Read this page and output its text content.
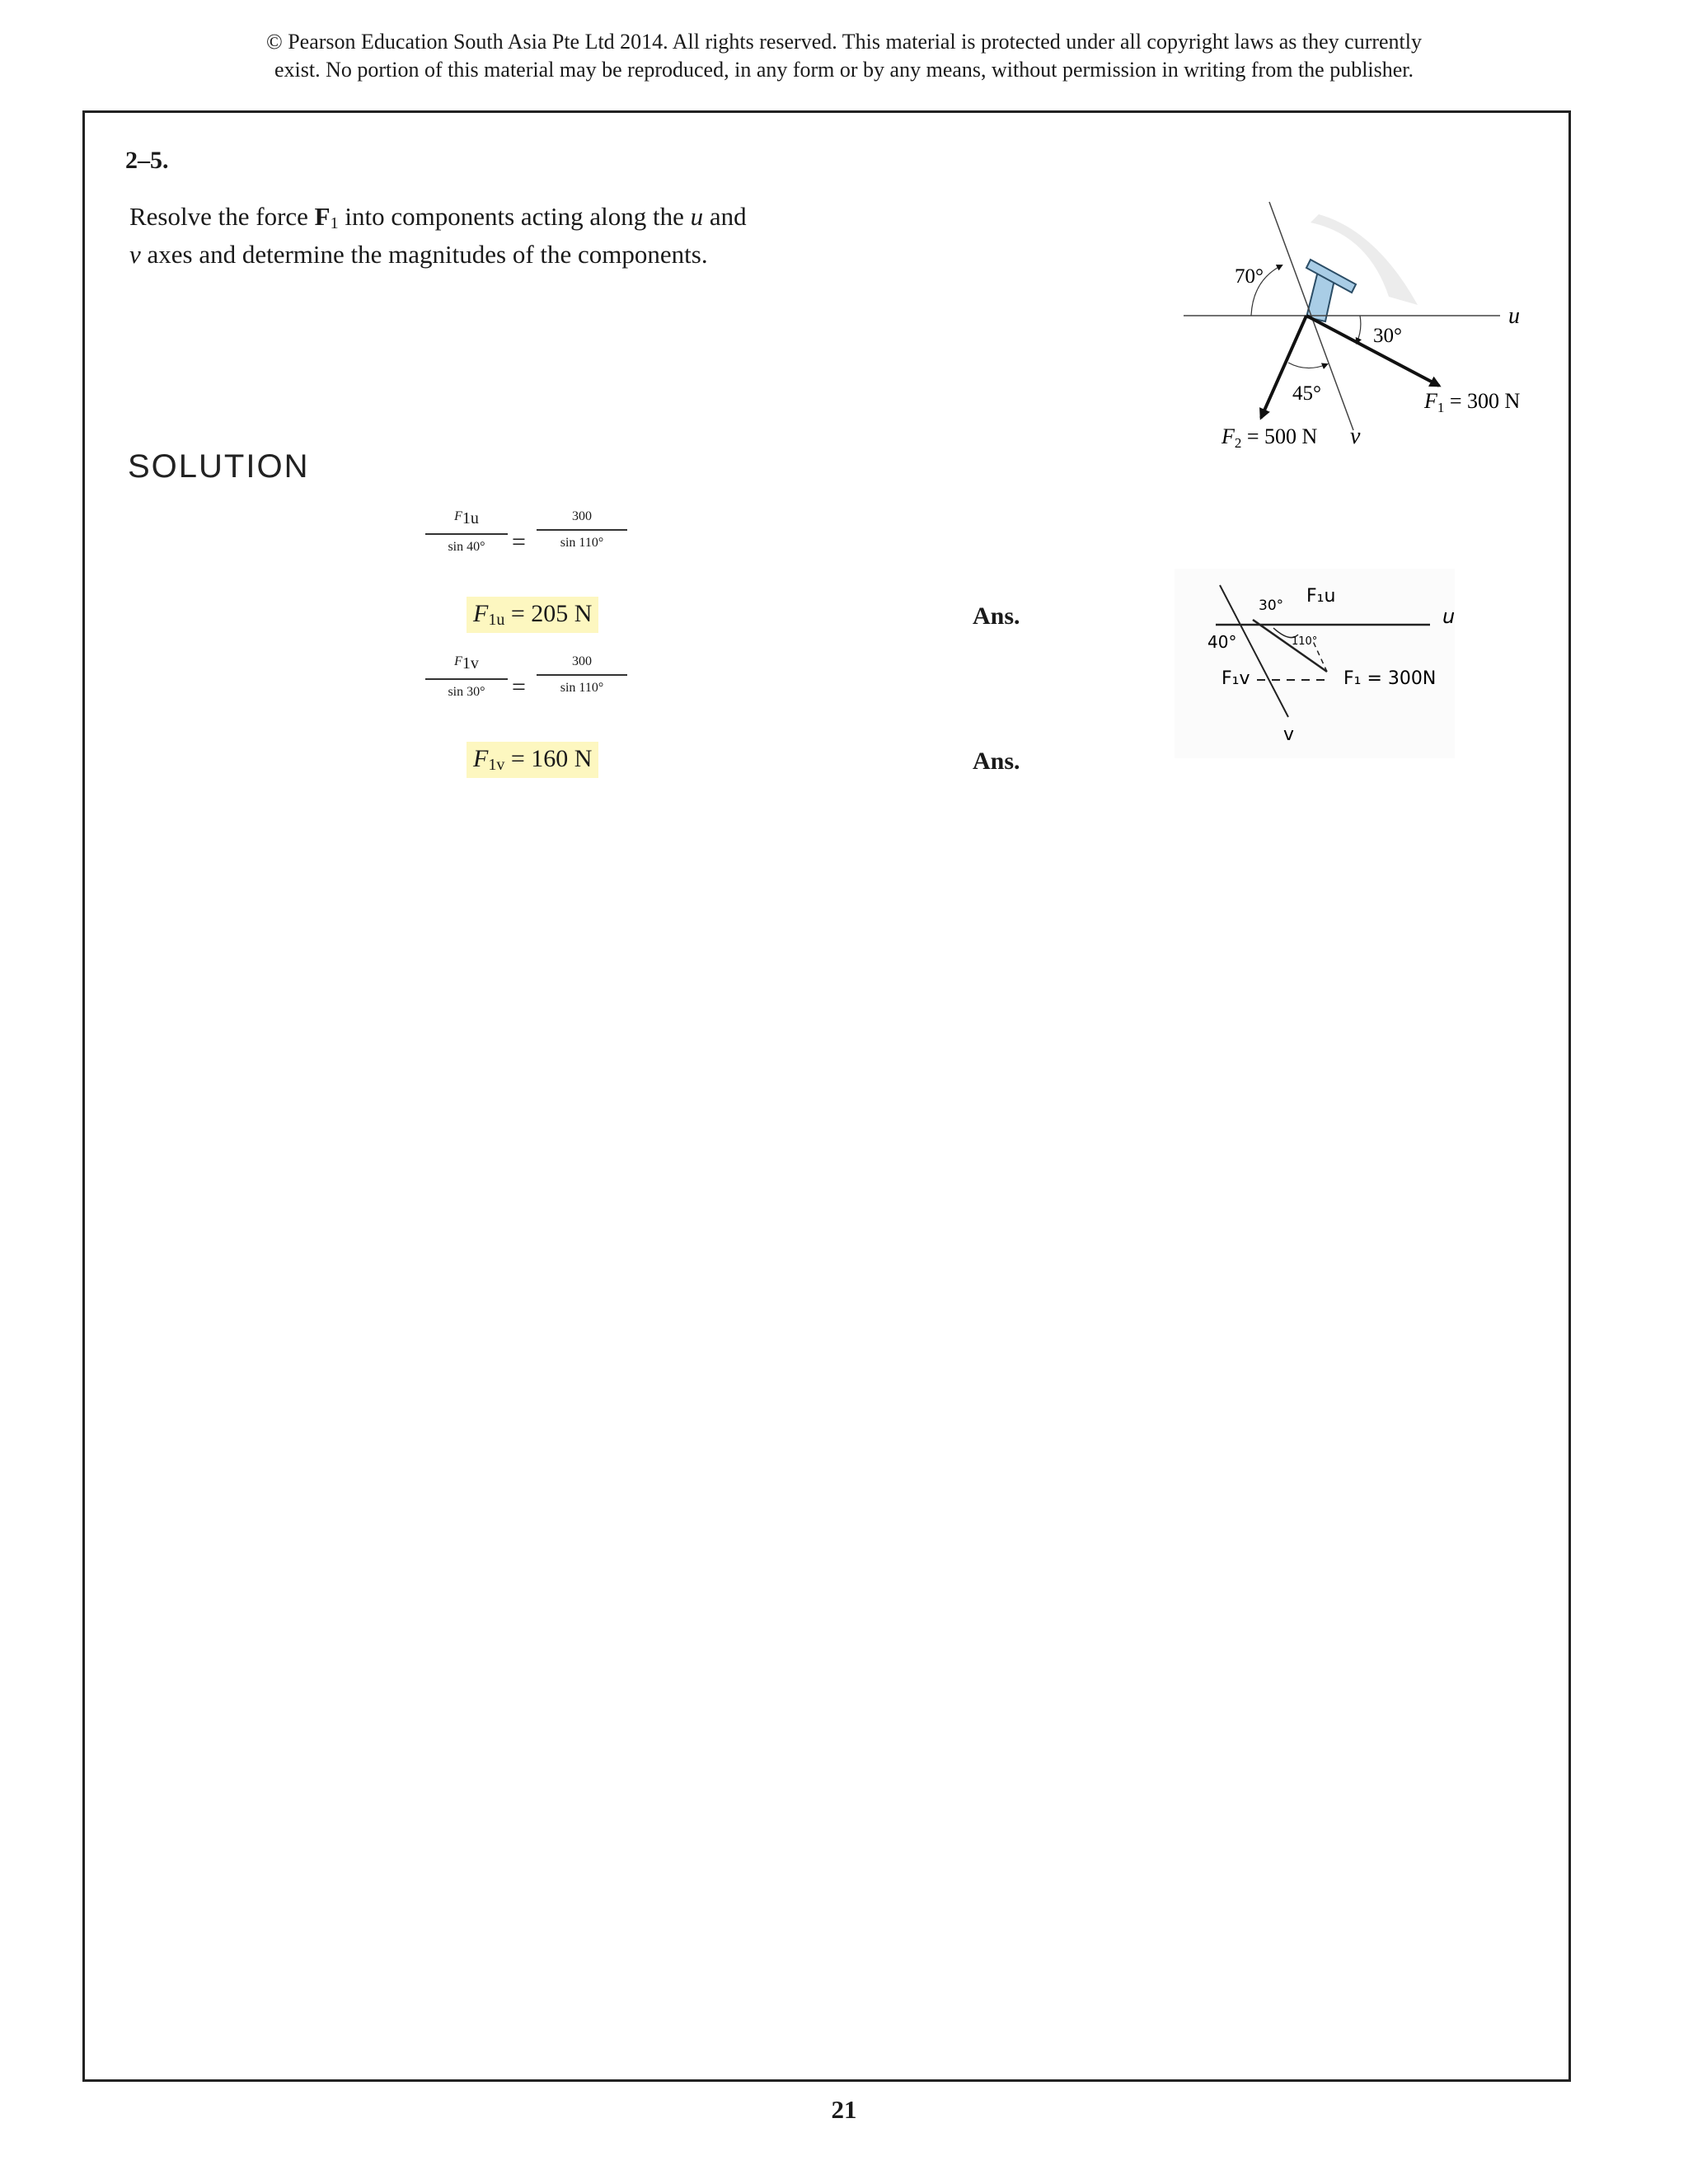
© Pearson Education South Asia Pte Ltd 2014. All rights reserved. This material is protected under all copyright laws as they currently
exist. No portion of this material may be reproduced, in any form or by any means, without permission in writing from the publisher.
2–5.
Resolve the force $F_1$ into components acting along the u and
v axes and determine the magnitudes of the components.
70°
30°
45°
u
F1 = 300 N
F2 = 500 N v
SOLUTION
$\frac{F_{1u}}{\sin 40^\circ} = \frac{300}{\sin 110^\circ}$
$F_{1u} = 205$ N	Ans.
$\frac{F_{1v}}{\sin 30^\circ} = \frac{300}{\sin 110^\circ}$
$F_{1v} = 160$ N	Ans.
30°
40°	110°
F₁u
F₁v	F₁ = 300N
u
v
21
